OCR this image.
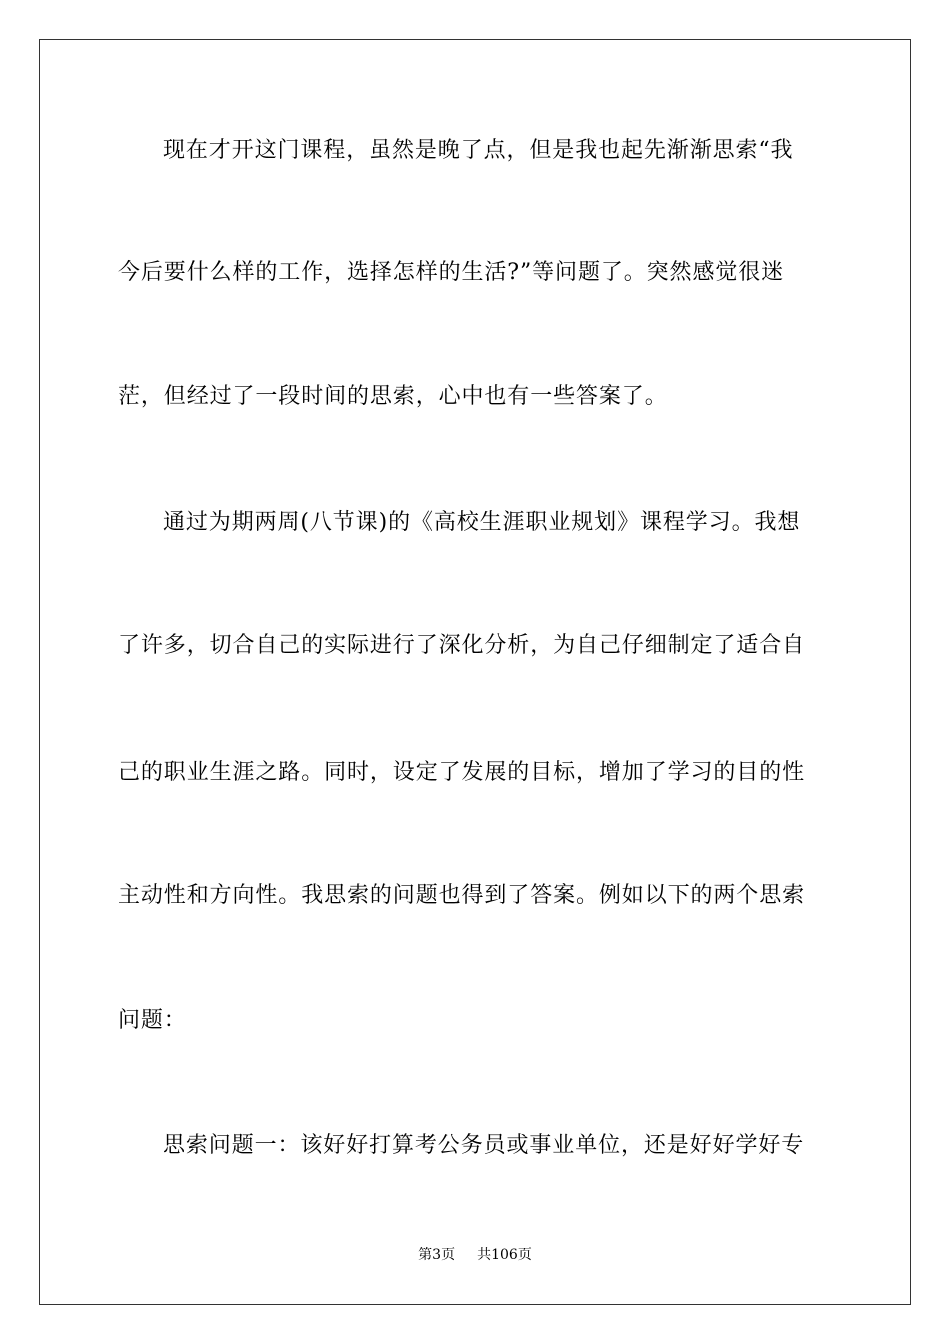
现在才开这门课程，虽然是晚了点，但是我也起先渐渐思索“我
今后要什么样的工作，选择怎样的生活?”等问题了。突然感觉很迷
茫，但经过了一段时间的思索，心中也有一些答案了。
通过为期两周(八节课)的《高校生涯职业规划》课程学习。我想
了许多，切合自己的实际进行了深化分析，为自己仔细制定了适合自
己的职业生涯之路。同时，设定了发展的目标，增加了学习的目的性
主动性和方向性。我思索的问题也得到了答案。例如以下的两个思索
问题：
思索问题一：该好好打算考公务员或事业单位，还是好好学好专
第3页 共106页
